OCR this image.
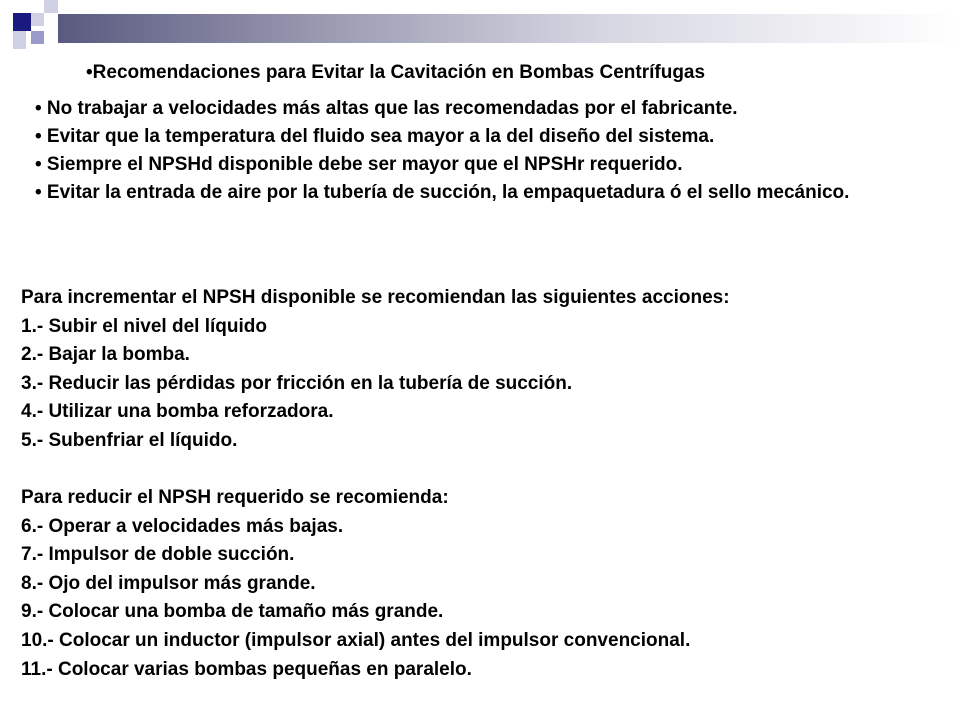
•Recomendaciones para Evitar la Cavitación en Bombas Centrífugas

• No trabajar a velocidades más altas que las recomendadas por el fabricante.

• Evitar que la temperatura del fluido sea mayor a la del diseño del sistema.

• Siempre el NPSHd disponible debe ser mayor que el NPSHr requerido.

• Evitar la entrada de aire por la tubería de succión, la empaquetadura ó el sello mecánico.

Para incrementar el NPSH disponible se recomiendan las siguientes acciones:

1.- Subir el nivel del líquido

2.- Bajar la bomba.

3.- Reducir las pérdidas por fricción en la tubería de succión.

4.- Utilizar una bomba reforzadora.

5.- Subenfriar el líquido.

Para reducir el NPSH requerido se recomienda:

6.- Operar a velocidades más bajas.

7.- Impulsor de doble succión.

8.- Ojo del impulsor más grande.

9.- Colocar una bomba de tamaño más grande.

10.- Colocar un inductor (impulsor axial) antes del impulsor convencional.

11.- Colocar varias bombas pequeñas en paralelo.
